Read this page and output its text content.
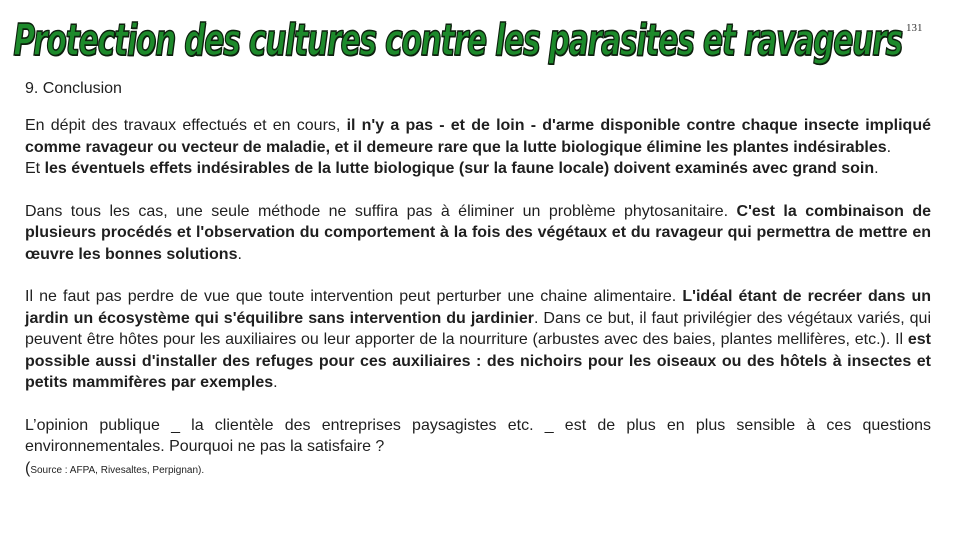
Protection des cultures contre les parasites et ravageurs 131
9. Conclusion

En dépit des travaux effectués et en cours, il n'y a pas - et de loin - d'arme disponible contre chaque insecte impliqué comme ravageur ou vecteur de maladie, et il demeure rare que la lutte biologique élimine les plantes indésirables.

Et les éventuels effets indésirables de la lutte biologique (sur la faune locale) doivent examinés avec grand soin.

Dans tous les cas, une seule méthode ne suffira pas à éliminer un problème phytosanitaire. C'est la combinaison de plusieurs procédés et l'observation du comportement à la fois des végétaux et du ravageur qui permettra de mettre en œuvre les bonnes solutions.

Il ne faut pas perdre de vue que toute intervention peut perturber une chaine alimentaire. L'idéal étant de recréer dans un jardin un écosystème qui s'équilibre sans intervention du jardinier. Dans ce but, il faut privilégier des végétaux variés, qui peuvent être hôtes pour les auxiliaires ou leur apporter de la nourriture (arbustes avec des baies, plantes mellifères, etc.). Il est possible aussi d'installer des refuges pour ces auxiliaires : des nichoirs pour les oiseaux ou des hôtels à insectes et petits mammifères par exemples.

L’opinion publique _ la clientèle des entreprises paysagistes etc. _ est de plus en plus sensible à ces questions environnementales. Pourquoi ne pas la satisfaire ?

(Source : AFPA, Rivesaltes, Perpignan).
